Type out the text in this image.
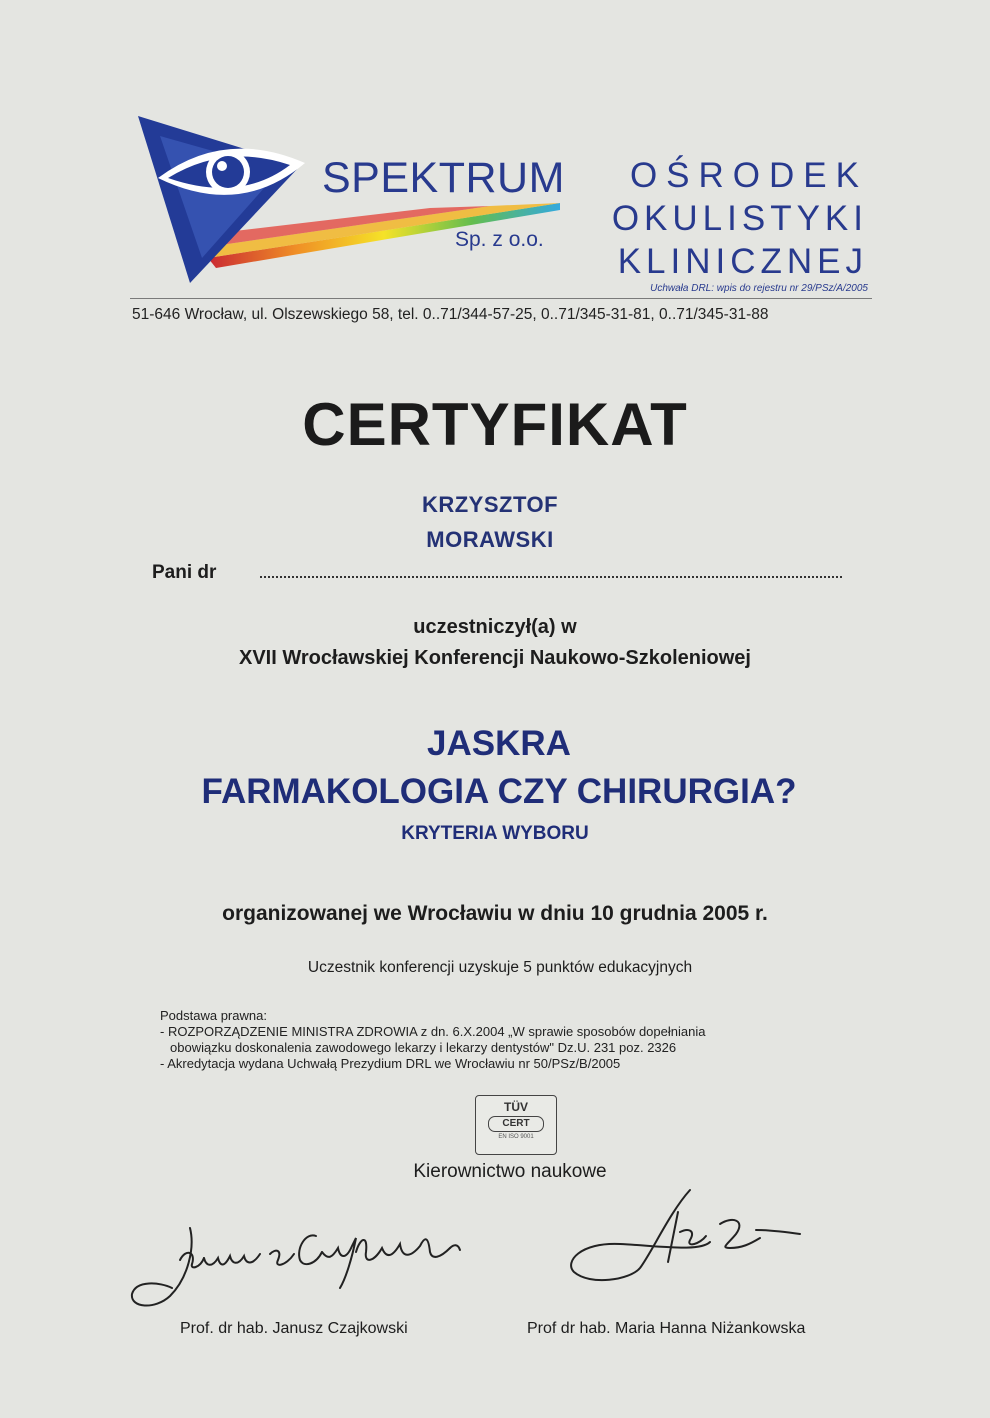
SPEKTRUM
Sp. z o.o.
OŚRODEK
OKULISTYKI
KLINICZNEJ
Uchwała DRL: wpis do rejestru nr 29/PSz/A/2005
51-646 Wrocław, ul. Olszewskiego 58, tel. 0..71/344-57-25, 0..71/345-31-81, 0..71/345-31-88
CERTYFIKAT
KRZYSZTOF
MORAWSKI
Pani dr
uczestniczył(a) w
XVII Wrocławskiej Konferencji Naukowo-Szkoleniowej
JASKRA
FARMAKOLOGIA CZY CHIRURGIA?
KRYTERIA WYBORU
organizowanej we Wrocławiu w dniu 10 grudnia 2005 r.
Uczestnik konferencji uzyskuje 5 punktów edukacyjnych
Podstawa prawna:
- ROZPORZĄDZENIE MINISTRA ZDROWIA z dn. 6.X.2004 „W sprawie sposobów dopełniania
obowiązku doskonalenia zawodowego lekarzy i lekarzy dentystów" Dz.U. 231 poz. 2326
- Akredytacja wydana Uchwałą Prezydium DRL we Wrocławiu nr 50/PSz/B/2005
TÜV
CERT
EN ISO 9001
Kierownictwo naukowe
Prof. dr hab. Janusz Czajkowski	Prof dr hab. Maria Hanna Niżankowska
